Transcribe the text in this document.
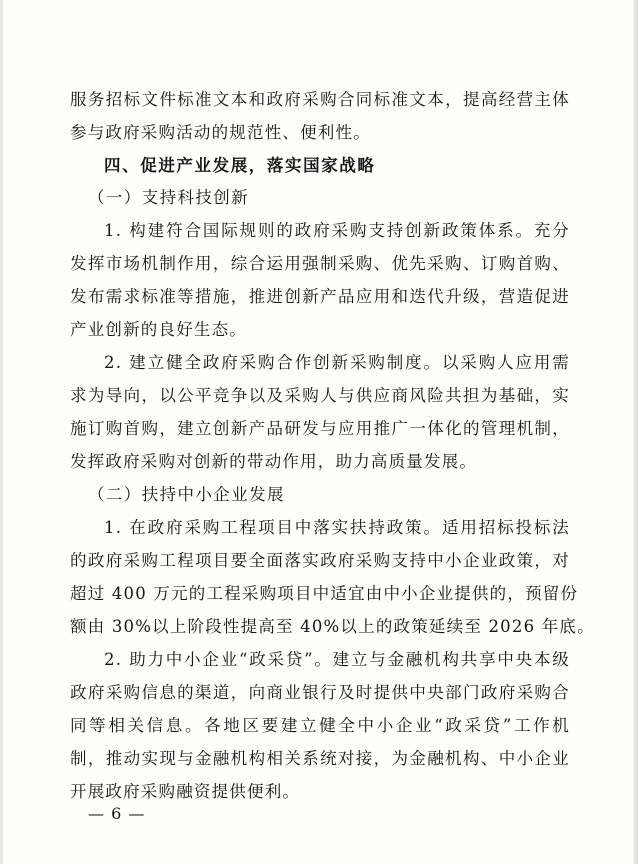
服务招标文件标准文本和政府采购合同标准文本，提高经营主体
参与政府采购活动的规范性、便利性。
四、促进产业发展，落实国家战略
（一）支持科技创新
1. 构建符合国际规则的政府采购支持创新政策体系。充分
发挥市场机制作用，综合运用强制采购、优先采购、订购首购、
发布需求标准等措施，推进创新产品应用和迭代升级，营造促进
产业创新的良好生态。
2. 建立健全政府采购合作创新采购制度。以采购人应用需
求为导向，以公平竞争以及采购人与供应商风险共担为基础，实
施订购首购，建立创新产品研发与应用推广一体化的管理机制，
发挥政府采购对创新的带动作用，助力高质量发展。
（二）扶持中小企业发展
1. 在政府采购工程项目中落实扶持政策。适用招标投标法
的政府采购工程项目要全面落实政府采购支持中小企业政策，对
超过 400 万元的工程采购项目中适宜由中小企业提供的，预留份
额由 30%以上阶段性提高至 40%以上的政策延续至 2026 年底。
2. 助力中小企业“政采贷”。建立与金融机构共享中央本级
政府采购信息的渠道，向商业银行及时提供中央部门政府采购合
同等相关信息。各地区要建立健全中小企业“政采贷”工作机
制，推动实现与金融机构相关系统对接，为金融机构、中小企业
开展政府采购融资提供便利。
— 6 —
